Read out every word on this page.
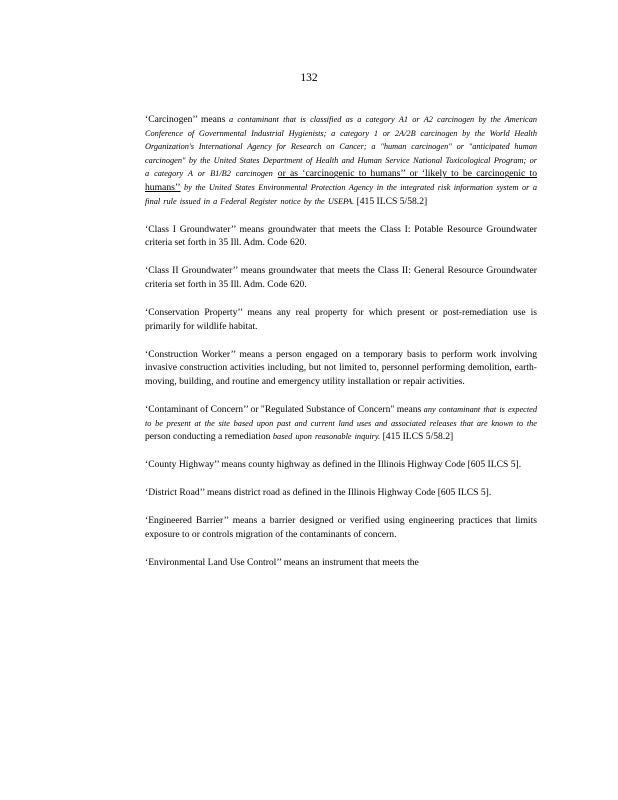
132

‘Carcinogen’’ means a contaminant that is classified as a category A1 or A2 carcinogen by the American Conference of Governmental Industrial Hygienists; a category 1 or 2A/2B carcinogen by the World Health Organization's International Agency for Research on Cancer; a "human carcinogen" or "anticipated human carcinogen" by the United States Department of Health and Human Service National Toxicological Program; or a category A or B1/B2 carcinogen or as ‘carcinogenic to humans’’ or ‘likely to be carcinogenic to humans’’ by the United States Environmental Protection Agency in the integrated risk information system or a final rule issued in a Federal Register notice by the USEPA. [415 ILCS 5/58.2]

‘Class I Groundwater’’ means groundwater that meets the Class I: Potable Resource Groundwater criteria set forth in 35 Ill. Adm. Code 620.

‘Class II Groundwater’’ means groundwater that meets the Class II: General Resource Groundwater criteria set forth in 35 Ill. Adm. Code 620.

‘Conservation Property’’ means any real property for which present or post-remediation use is primarily for wildlife habitat.

‘Construction Worker’’ means a person engaged on a temporary basis to perform work involving invasive construction activities including, but not limited to, personnel performing demolition, earth-moving, building, and routine and emergency utility installation or repair activities.

‘Contaminant of Concern’’ or "Regulated Substance of Concern" means any contaminant that is expected to be present at the site based upon past and current land uses and associated releases that are known to the person conducting a remediation based upon reasonable inquiry. [415 ILCS 5/58.2]

‘County Highway’’ means county highway as defined in the Illinois Highway Code [605 ILCS 5].

‘District Road’’ means district road as defined in the Illinois Highway Code [605 ILCS 5].

‘Engineered Barrier’’ means a barrier designed or verified using engineering practices that limits exposure to or controls migration of the contaminants of concern.

‘Environmental Land Use Control’’ means an instrument that meets the
